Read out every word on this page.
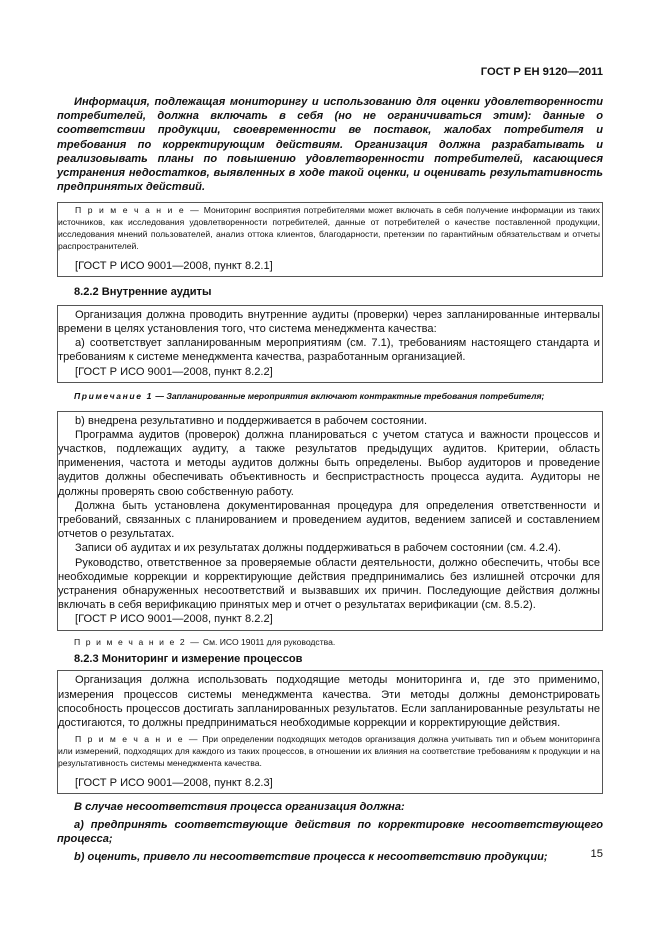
ГОСТ Р ЕН 9120—2011

Информация, подлежащая мониторингу и использованию для оценки удовлетворенности потребителей, должна включать в себя (но не ограничиваться этим): данные о соответствии продукции, своевременности ве поставок, жалобах потребителя и требования по корректирующим действиям. Организация должна разрабатывать и реализовывать планы по повышению удовлетворенности потребителей, касающиеся устранения недостатков, выявленных в ходе такой оценки, и оценивать результативность предпринятых действий.

П р и м е ч а н и е — Мониторинг восприятия потребителями может включать в себя получение информации из таких источников, как исследования удовлетворенности потребителей, данные от потребителей о качестве поставленной продукции, исследования мнений пользователей, анализ оттока клиентов, благодарности, претензии по гарантийным обязательствам и отчеты распространителей.

[ГОСТ Р ИСО 9001—2008, пункт 8.2.1]

8.2.2 Внутренние аудиты

Организация должна проводить внутренние аудиты (проверки) через запланированные интервалы времени в целях установления того, что система менеджмента качества:

а) соответствует запланированным мероприятиям (см. 7.1), требованиям настоящего стандарта и требованиям к системе менеджмента качества, разработанным организацией.

[ГОСТ Р ИСО 9001—2008, пункт 8.2.2]

Примечание 1 — Запланированные мероприятия включают контрактные требования потребителя;

b) внедрена результативно и поддерживается в рабочем состоянии.

Программа аудитов (проверок) должна планироваться с учетом статуса и важности процессов и участков, подлежащих аудиту, а также результатов предыдущих аудитов. Критерии, область применения, частота и методы аудитов должны быть определены. Выбор аудиторов и проведение аудитов должны обеспечивать объективность и беспристрастность процесса аудита. Аудиторы не должны проверять свою собственную работу.

Должна быть установлена документированная процедура для определения ответственности и требований, связанных с планированием и проведением аудитов, ведением записей и составлением отчетов о результатах.

Записи об аудитах и их результатах должны поддерживаться в рабочем состоянии (см. 4.2.4).

Руководство, ответственное за проверяемые области деятельности, должно обеспечить, чтобы все необходимые коррекции и корректирующие действия предпринимались без излишней отсрочки для устранения обнаруженных несоответствий и вызвавших их причин. Последующие действия должны включать в себя верификацию принятых мер и отчет о результатах верификации (см. 8.5.2).

[ГОСТ Р ИСО 9001—2008, пункт 8.2.2]

П р и м е ч а н и е 2 — См. ИСО 19011 для руководства.

8.2.3 Мониторинг и измерение процессов

Организация должна использовать подходящие методы мониторинга и, где это применимо, измерения процессов системы менеджмента качества. Эти методы должны демонстрировать способность процессов достигать запланированных результатов. Если запланированные результаты не достигаются, то должны предприниматься необходимые коррекции и корректирующие действия.

П р и м е ч а н и е — При определении подходящих методов организация должна учитывать тип и объем мониторинга или измерений, подходящих для каждого из таких процессов, в отношении их влияния на соответствие требованиям к продукции и на результативность системы менеджмента качества.

[ГОСТ Р ИСО 9001—2008, пункт 8.2.3]

В случае несоответствия процесса организация должна:

а) предпринять соответствующие действия по корректировке несоответствующего процесса;

b) оценить, привело ли несоответствие процесса к несоответствию продукции;	15
